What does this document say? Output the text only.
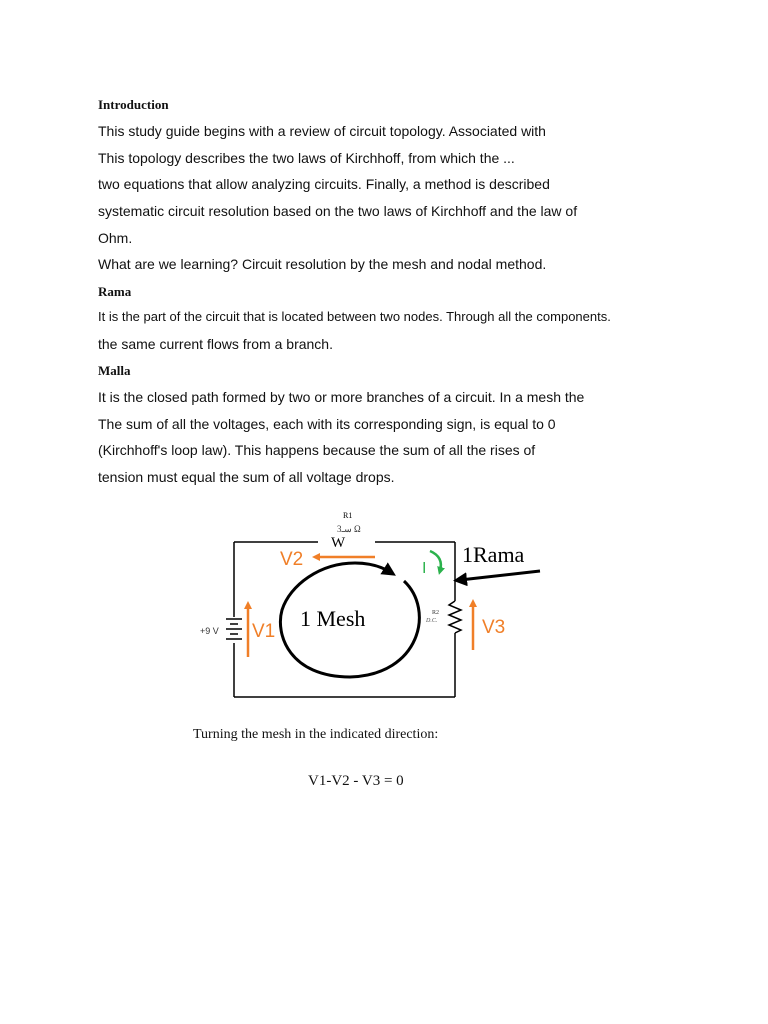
Introduction
This study guide begins with a review of circuit topology. Associated with
This topology describes the two laws of Kirchhoff, from which the ...
two equations that allow analyzing circuits. Finally, a method is described
systematic circuit resolution based on the two laws of Kirchhoff and the law of
Ohm.
What are we learning? Circuit resolution by the mesh and nodal method.
Rama
It is the part of the circuit that is located between two nodes. Through all the components.
the same current flows from a branch.
Malla
It is the closed path formed by two or more branches of a circuit. In a mesh the
The sum of all the voltages, each with its corresponding sign, is equal to 0
(Kirchhoff's loop law). This happens because the sum of all the rises of
tension must equal the sum of all voltage drops.
+9 V
R2
D.C.
R1
3سـ Ω
W
V2
V1	V3
I
1 Mesh
1Rama
Turning the mesh in the indicated direction:
V1-V2 - V3 = 0
